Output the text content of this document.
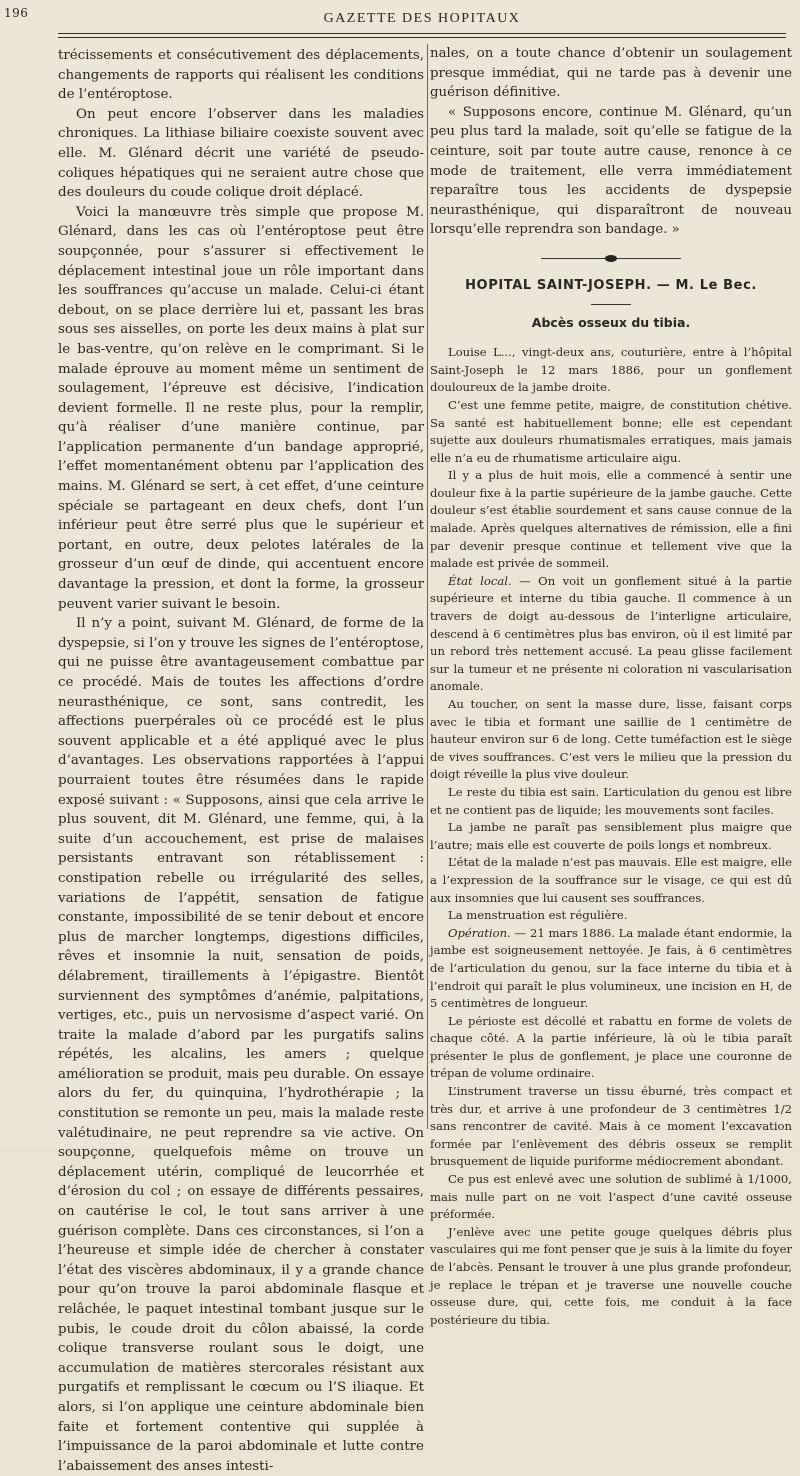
196	GAZETTE DES HOPITAUX

trécissements et consécutivement des déplacements, changements de rapports qui réalisent les conditions de l’entéroptose.

On peut encore l’observer dans les maladies chroniques. La lithiase biliaire coexiste souvent avec elle. M. Glénard décrit une variété de pseudo-coliques hépatiques qui ne seraient autre chose que des douleurs du coude colique droit déplacé.

Voici la manœuvre très simple que propose M. Glénard, dans les cas où l’entéroptose peut être soupçonnée, pour s’assurer si effectivement le déplacement intestinal joue un rôle important dans les souffrances qu’accuse un malade. Celui-ci étant debout, on se place derrière lui et, passant les bras sous ses aisselles, on porte les deux mains à plat sur le bas-ventre, qu’on relève en le comprimant. Si le malade éprouve au moment même un sentiment de soulagement, l’épreuve est décisive, l’indication devient formelle. Il ne reste plus, pour la remplir, qu’à réaliser d’une manière continue, par l’application permanente d’un bandage approprié, l’effet momentanément obtenu par l’application des mains. M. Glénard se sert, à cet effet, d’une ceinture spéciale se partageant en deux chefs, dont l’un inférieur peut être serré plus que le supérieur et portant, en outre, deux pelotes latérales de la grosseur d’un œuf de dinde, qui accentuent encore davantage la pression, et dont la forme, la grosseur peuvent varier suivant le besoin.

Il n’y a point, suivant M. Glénard, de forme de la dyspepsie, si l’on y trouve les signes de l’entéroptose, qui ne puisse être avantageusement combattue par ce procédé. Mais de toutes les affections d’ordre neurasthénique, ce sont, sans contredit, les affections puerpérales où ce procédé est le plus souvent applicable et a été appliqué avec le plus d’avantages. Les observations rapportées à l’appui pourraient toutes être résumées dans le rapide exposé suivant : « Supposons, ainsi que cela arrive le plus souvent, dit M. Glénard, une femme, qui, à la suite d’un accouchement, est prise de malaises persistants entravant son rétablissement : constipation rebelle ou irrégularité des selles, variations de l’appétit, sensation de fatigue constante, impossibilité de se tenir debout et encore plus de marcher longtemps, digestions difficiles, rêves et insomnie la nuit, sensation de poids, délabrement, tiraillements à l’épigastre. Bientôt surviennent des symptômes d’anémie, palpitations, vertiges, etc., puis un nervosisme d’aspect varié. On traite la malade d’abord par les purgatifs salins répétés, les alcalins, les amers ; quelque amélioration se produit, mais peu durable. On essaye alors du fer, du quinquina, l’hydrothérapie ; la constitution se remonte un peu, mais la malade reste valétudinaire, ne peut reprendre sa vie active. On soupçonne, quelquefois même on trouve un déplacement utérin, compliqué de leucorrhée et d’érosion du col ; on essaye de différents pessaires, on cautérise le col, le tout sans arriver à une guérison complète. Dans ces circonstances, si l’on a l’heureuse et simple idée de chercher à constater l’état des viscères abdominaux, il y a grande chance pour qu’on trouve la paroi abdominale flasque et relâchée, le paquet intestinal tombant jusque sur le pubis, le coude droit du côlon abaissé, la corde colique transverse roulant sous le doigt, une accumulation de matières stercorales résistant aux purgatifs et remplissant le cœcum ou l’S iliaque. Et alors, si l’on applique une ceinture abdominale bien faite et fortement contentive qui supplée à l’impuissance de la paroi abdominale et lutte contre l’abaissement des anses intesti-

nales, on a toute chance d’obtenir un soulagement presque immédiat, qui ne tarde pas à devenir une guérison définitive.

« Supposons encore, continue M. Glénard, qu’un peu plus tard la malade, soit qu’elle se fatigue de la ceinture, soit par toute autre cause, renonce à ce mode de traitement, elle verra immédiatement reparaître tous les accidents de dyspepsie neurasthénique, qui disparaîtront de nouveau lorsqu’elle reprendra son bandage. »

HOPITAL SAINT-JOSEPH. — M. Le Bec.
Abcès osseux du tibia.

Louise L..., vingt-deux ans, couturière, entre à l’hôpital Saint-Joseph le 12 mars 1886, pour un gonflement douloureux de la jambe droite.

C’est une femme petite, maigre, de constitution chétive. Sa santé est habituellement bonne; elle est cependant sujette aux douleurs rhumatismales erratiques, mais jamais elle n’a eu de rhumatisme articulaire aigu.

Il y a plus de huit mois, elle a commencé à sentir une douleur fixe à la partie supérieure de la jambe gauche. Cette douleur s’est établie sourdement et sans cause connue de la malade. Après quelques alternatives de rémission, elle a fini par devenir presque continue et tellement vive que la malade est privée de sommeil.

État local. — On voit un gonflement situé à la partie supérieure et interne du tibia gauche. Il commence à un travers de doigt au-dessous de l’interligne articulaire, descend à 6 centimètres plus bas environ, où il est limité par un rebord très nettement accusé. La peau glisse facilement sur la tumeur et ne présente ni coloration ni vascularisation anomale.

Au toucher, on sent la masse dure, lisse, faisant corps avec le tibia et formant une saillie de 1 centimètre de hauteur environ sur 6 de long. Cette tuméfaction est le siège de vives souffrances. C’est vers le milieu que la pression du doigt réveille la plus vive douleur.

Le reste du tibia est sain. L’articulation du genou est libre et ne contient pas de liquide; les mouvements sont faciles.

La jambe ne paraît pas sensiblement plus maigre que l’autre; mais elle est couverte de poils longs et nombreux.

L’état de la malade n’est pas mauvais. Elle est maigre, elle a l’expression de la souffrance sur le visage, ce qui est dû aux insomnies que lui causent ses souffrances.

La menstruation est régulière.

Opération. — 21 mars 1886. La malade étant endormie, la jambe est soigneusement nettoyée. Je fais, à 6 centimètres de l’articulation du genou, sur la face interne du tibia et à l’endroit qui paraît le plus volumineux, une incision en H, de 5 centimètres de longueur.

Le périoste est décollé et rabattu en forme de volets de chaque côté. A la partie inférieure, là où le tibia paraît présenter le plus de gonflement, je place une couronne de trépan de volume ordinaire.

L’instrument traverse un tissu éburné, très compact et très dur, et arrive à une profondeur de 3 centimètres 1/2 sans rencontrer de cavité. Mais à ce moment l’excavation formée par l’enlèvement des débris osseux se remplit brusquement de liquide puriforme médiocrement abondant.

Ce pus est enlevé avec une solution de sublimé à 1/1000, mais nulle part on ne voit l’aspect d’une cavité osseuse préformée.

J’enlève avec une petite gouge quelques débris plus vasculaires qui me font penser que je suis à la limite du foyer de l’abcès. Pensant le trouver à une plus grande profondeur, je replace le trépan et je traverse une nouvelle couche osseuse dure, qui, cette fois, me conduit à la face postérieure du tibia.
